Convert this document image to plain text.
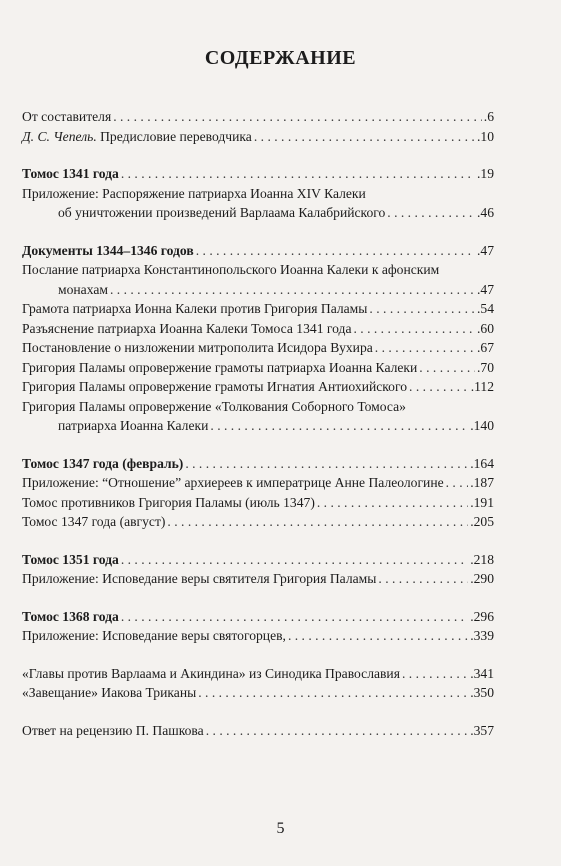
СОДЕРЖАНИЕ
От составителя . . .	.6
Д. С. Чепель. Предисловие переводчика . . .	.10
Томос 1341 года . . .	.19
Приложение: Распоряжение патриарха Иоанна XIV Калеки
об уничтожении произведений Варлаама Калабрийского . . .	.46
Документы 1344–1346 годов . . .	.47
Послание патриарха Константинопольского Иоанна Калеки к афонским
монахам . . .	.47
Грамота патриарха Ионна Калеки против Григория Паламы . . .	.54
Разъяснение патриарха Иоанна Калеки Томоса 1341 года . . .	.60
Постановление о низложении митрополита Исидора Вухира . . .	.67
Григория Паламы опровержение грамоты патриарха Иоанна Калеки . . .	.70
Григория Паламы опровержение грамоты Игнатия Антиохийского . . .	.112
Григория Паламы опровержение «Толкования Соборного Томоса»
патриарха Иоанна Калеки . . .	.140
Томос 1347 года (февраль) . . .	.164
Приложение: “Отношение” архиереев к императрице Анне Палеологине . . . .187
Томос противников Григория Паламы (июль 1347) . . .	.191
Томос 1347 года (август) . . .	.205
Томос 1351 года . . .	.218
Приложение: Исповедание веры святителя Григория Паламы . . .	.290
Томос 1368 года . . .	.296
Приложение: Исповедание веры святогорцев, . . .	.339
«Главы против Варлаама и Акиндина» из Синодика Православия . . .	.341
«Завещание» Иакова Триканы . . .	.350
Ответ на рецензию П. Пашкова . . .	.357
5
